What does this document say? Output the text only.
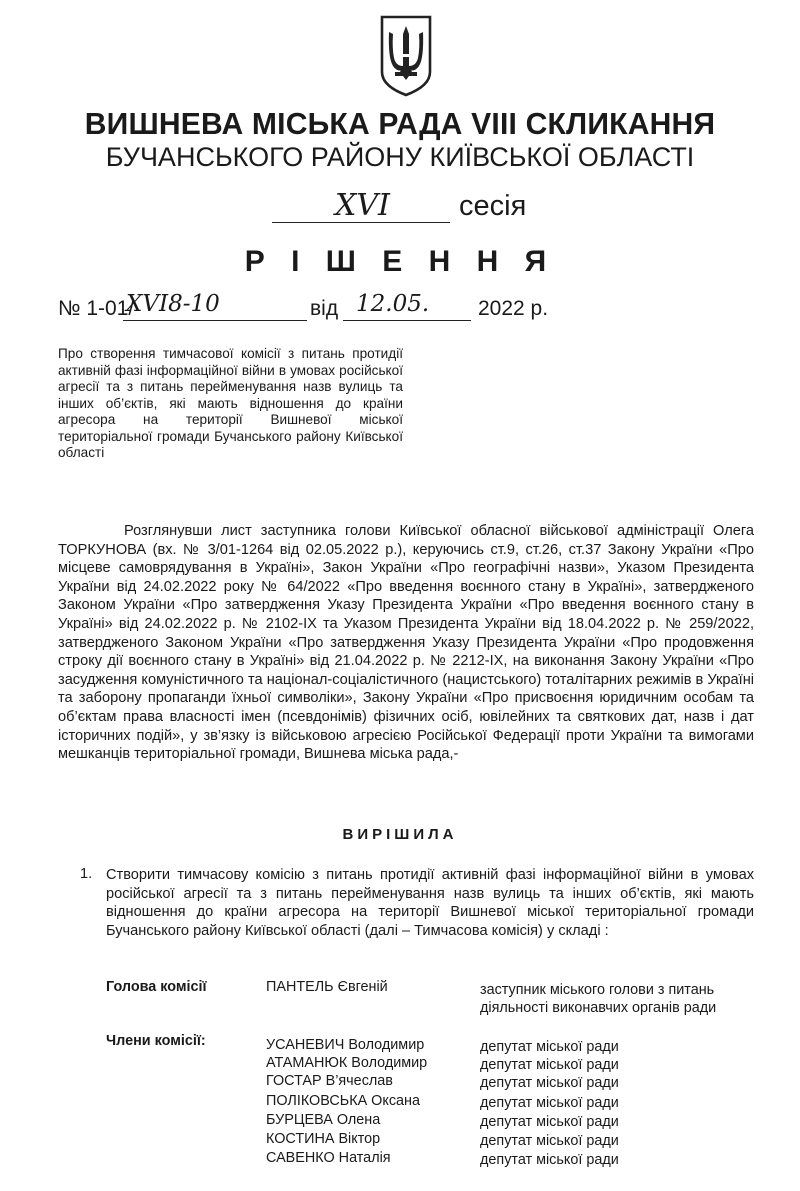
ВИШНЕВА МІСЬКА РАДА VIII СКЛИКАННЯ
БУЧАНСЬКОГО РАЙОНУ КИЇВСЬКОЇ ОБЛАСТІ
XVI сесія
Р І Ш Е Н Н Я
№ 1-01/
XVI8-10	від 12.05. 2022 р.
Про створення тимчасової комісії з питань протидії активній фазі інформаційної війни в умовах російської агресії та з питань перейменування назв вулиць та інших об’єктів, які мають відношення до країни агресора на території Вишневої міської територіальної громади Бучанського району Київської області
Розглянувши лист заступника голови Київської обласної військової адміністрації Олега ТОРКУНОВА (вх. № 3/01-1264 від 02.05.2022 р.), керуючись ст.9, ст.26, ст.37 Закону України «Про місцеве самоврядування в Україні», Закон України «Про географічні назви», Указом Президента України від 24.02.2022 року № 64/2022 «Про введення воєнного стану в Україні», затвердженого Законом України «Про затвердження Указу Президента України «Про введення воєнного стану в Україні» від 24.02.2022 р. № 2102-IX та Указом Президента України від 18.04.2022 р. № 259/2022, затвердженого Законом України «Про затвердження Указу Президента України «Про продовження строку дії воєнного стану в Україні» від 21.04.2022 р. № 2212-IX, на виконання Закону України «Про засудження комуністичного та націонал-соціалістичного (нацистського) тоталітарних режимів в Україні та заборону пропаганди їхньої символіки», Закону України «Про присвоєння юридичним особам та об’єктам права власності імен (псевдонімів) фізичних осіб, ювілейних та святкових дат, назв і дат історичних подій», у зв’язку із військовою агресією Російської Федерації проти України та вимогами мешканців територіальної громади, Вишнева міська рада,-
ВИРІШИЛА
1. Створити тимчасову комісію з питань протидії активній фазі інформаційної війни в умовах російської агресії та з питань перейменування назв вулиць та інших об’єктів, які мають відношення до країни агресора на території Вишневої міської територіальної громади Бучанського району Київської області (далі – Тимчасова комісія) у складі :
Голова комісії	ПАНТЕЛЬ Євгеній	заступник міського голови з питань
діяльності виконавчих органів ради
Члени комісії:	УСАНЕВИЧ Володимир	депутат міської ради
АТАМАНЮК Володимир	депутат міської ради
ГОСТАР В’ячеслав	депутат міської ради
ПОЛІКОВСЬКА Оксана	депутат міської ради
БУРЦЕВА Олена	депутат міської ради
КОСТИНА Віктор	депутат міської ради
САВЕНКО Наталія	депутат міської ради
